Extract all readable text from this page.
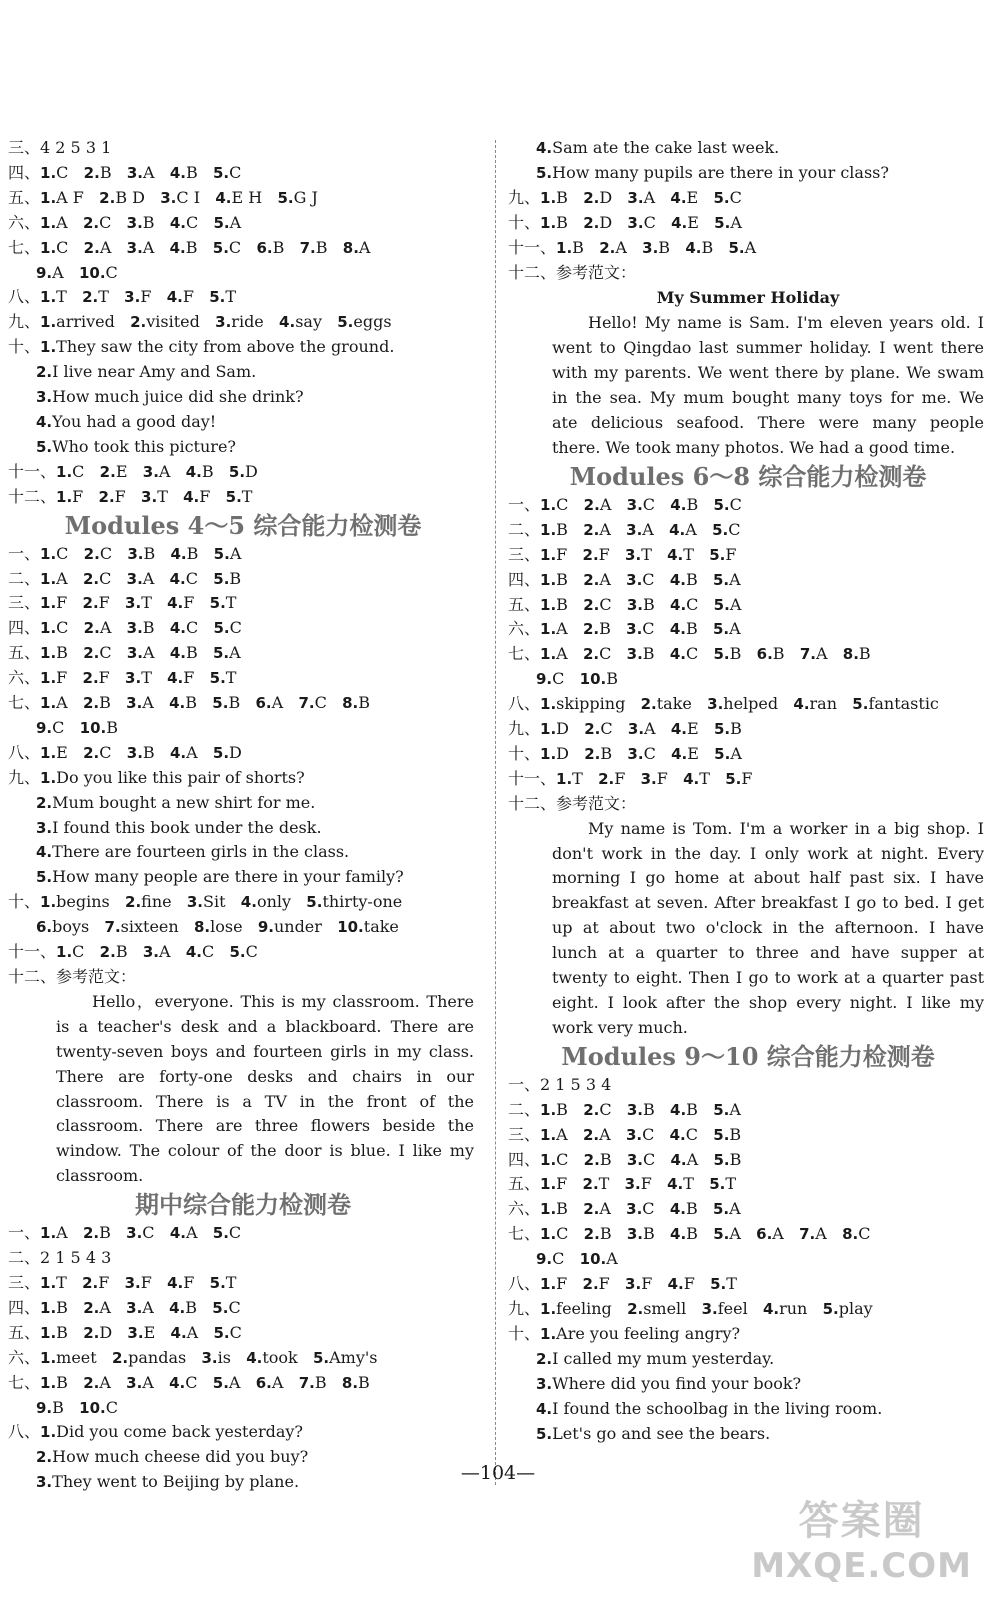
三、4 2 5 3 1
四、1.C 2.B 3.A 4.B 5.C
五、1.A F 2.B D 3.C I 4.E H 5.G J
六、1.A 2.C 3.B 4.C 5.A
七、1.C 2.A 3.A 4.B 5.C 6.B 7.B 8.A
9.A 10.C
八、1.T 2.T 3.F 4.F 5.T
九、1.arrived 2.visited 3.ride 4.say 5.eggs
十、1.They saw the city from above the ground.
2.I live near Amy and Sam.
3.How much juice did she drink?
4.You had a good day!
5.Who took this picture?
十一、1.C 2.E 3.A 4.B 5.D
十二、1.F 2.F 3.T 4.F 5.T
Modules 4～5 综合能力检测卷
一、1.C 2.C 3.B 4.B 5.A
二、1.A 2.C 3.A 4.C 5.B
三、1.F 2.F 3.T 4.F 5.T
四、1.C 2.A 3.B 4.C 5.C
五、1.B 2.C 3.A 4.B 5.A
六、1.F 2.F 3.T 4.F 5.T
七、1.A 2.B 3.A 4.B 5.B 6.A 7.C 8.B
9.C 10.B
八、1.E 2.C 3.B 4.A 5.D
九、1.Do you like this pair of shorts?
2.Mum bought a new shirt for me.
3.I found this book under the desk.
4.There are fourteen girls in the class.
5.How many people are there in your family?
十、1.begins 2.fine 3.Sit 4.only 5.thirty-one
6.boys 7.sixteen 8.lose 9.under 10.take
十一、1.C 2.B 3.A 4.C 5.C
十二、参考范文：
Hello，everyone. This is my classroom. There is a teacher's desk and a blackboard. There are twenty-seven boys and fourteen girls in my class. There are forty-one desks and chairs in our classroom. There is a TV in the front of the classroom. There are three flowers beside the window. The colour of the door is blue. I like my classroom.
期中综合能力检测卷
一、1.A 2.B 3.C 4.A 5.C
二、2 1 5 4 3
三、1.T 2.F 3.F 4.F 5.T
四、1.B 2.A 3.A 4.B 5.C
五、1.B 2.D 3.E 4.A 5.C
六、1.meet 2.pandas 3.is 4.took 5.Amy's
七、1.B 2.A 3.A 4.C 5.A 6.A 7.B 8.B
9.B 10.C
八、1.Did you come back yesterday?
2.How much cheese did you buy?
3.They went to Beijing by plane.
4.Sam ate the cake last week.
5.How many pupils are there in your class?
九、1.B 2.D 3.A 4.E 5.C
十、1.B 2.D 3.C 4.E 5.A
十一、1.B 2.A 3.B 4.B 5.A
十二、参考范文：
My Summer Holiday
Hello! My name is Sam. I'm eleven years old. I went to Qingdao last summer holiday. I went there with my parents. We went there by plane. We swam in the sea. My mum bought many toys for me. We ate delicious seafood. There were many people there. We took many photos. We had a good time.
Modules 6～8 综合能力检测卷
一、1.C 2.A 3.C 4.B 5.C
二、1.B 2.A 3.A 4.A 5.C
三、1.F 2.F 3.T 4.T 5.F
四、1.B 2.A 3.C 4.B 5.A
五、1.B 2.C 3.B 4.C 5.A
六、1.A 2.B 3.C 4.B 5.A
七、1.A 2.C 3.B 4.C 5.B 6.B 7.A 8.B
9.C 10.B
八、1.skipping 2.take 3.helped 4.ran 5.fantastic
九、1.D 2.C 3.A 4.E 5.B
十、1.D 2.B 3.C 4.E 5.A
十一、1.T 2.F 3.F 4.T 5.F
十二、参考范文：
My name is Tom. I'm a worker in a big shop. I don't work in the day. I only work at night. Every morning I go home at about half past six. I have breakfast at seven. After breakfast I go to bed. I get up at about two o'clock in the afternoon. I have lunch at a quarter to three and have supper at twenty to eight. Then I go to work at a quarter past eight. I look after the shop every night. I like my work very much.
Modules 9～10 综合能力检测卷
一、2 1 5 3 4
二、1.B 2.C 3.B 4.B 5.A
三、1.A 2.A 3.C 4.C 5.B
四、1.C 2.B 3.C 4.A 5.B
五、1.F 2.T 3.F 4.T 5.T
六、1.B 2.A 3.C 4.B 5.A
七、1.C 2.B 3.B 4.B 5.A 6.A 7.A 8.C
9.C 10.A
八、1.F 2.F 3.F 4.F 5.T
九、1.feeling 2.smell 3.feel 4.run 5.play
十、1.Are you feeling angry?
2.I called my mum yesterday.
3.Where did you find your book?
4.I found the schoolbag in the living room.
5.Let's go and see the bears.
—104—
答案圈
MXQE.COM
